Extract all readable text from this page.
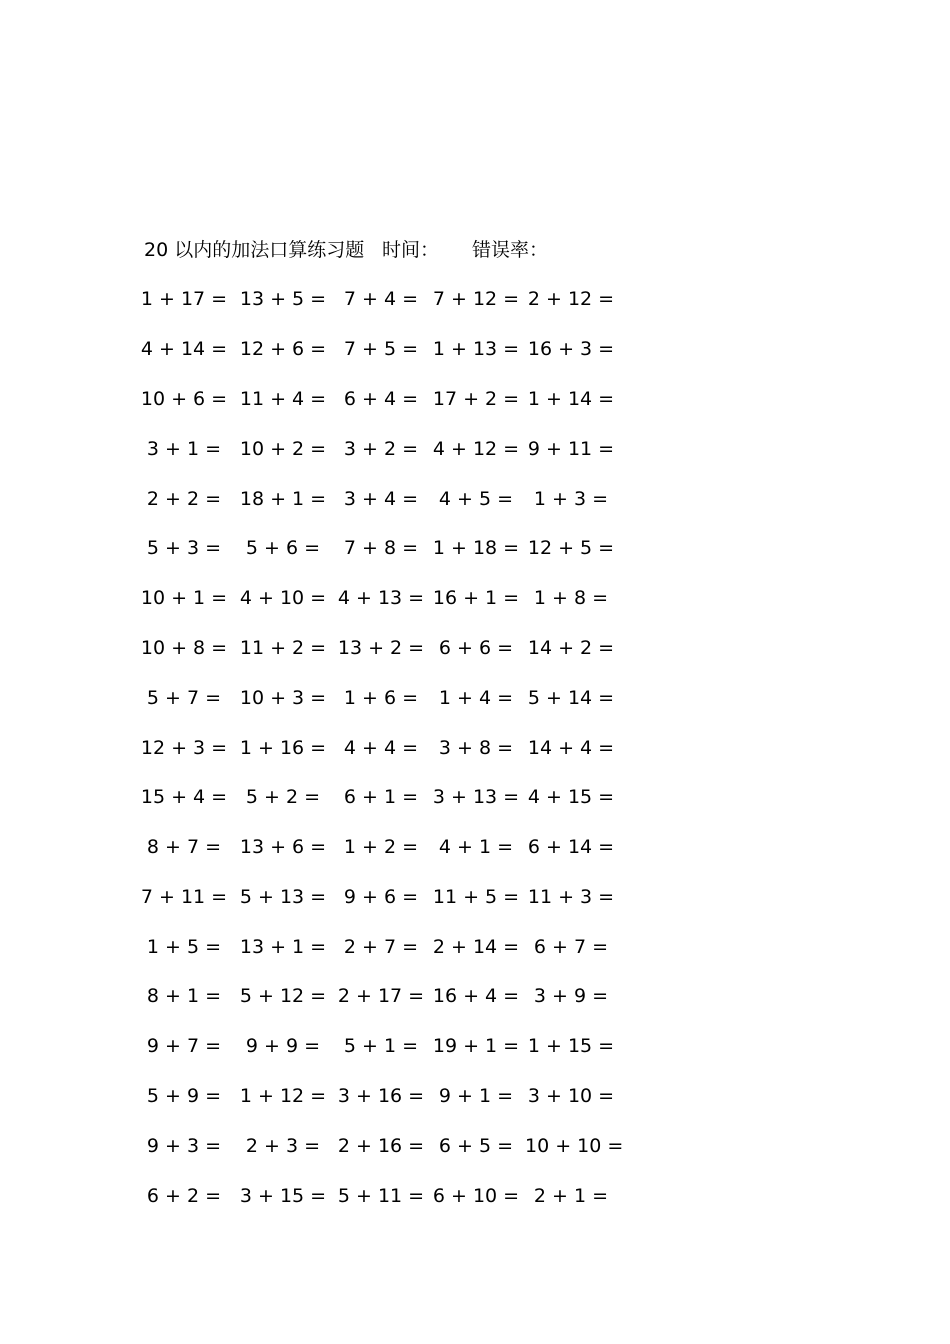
20 以内的加法口算练习题 时间： 错误率：
1 + 17 = 13 + 5 = 7 + 4 = 7 + 12 = 2 + 12 =
4 + 14 = 12 + 6 = 7 + 5 = 1 + 13 = 16 + 3 =
10 + 6 = 11 + 4 = 6 + 4 = 17 + 2 = 1 + 14 =
3 + 1 = 10 + 2 = 3 + 2 = 4 + 12 = 9 + 11 =
2 + 2 = 18 + 1 = 3 + 4 =	4 + 5 =	1 + 3 =
5 + 3 =	5 + 6 =	7 + 8 = 1 + 18 = 12 + 5 =
10 + 1 = 4 + 10 = 4 + 13 = 16 + 1 = 1 + 8 =
10 + 8 = 11 + 2 = 13 + 2 = 6 + 6 = 14 + 2 =
5 + 7 = 10 + 3 = 1 + 6 =	1 + 4 = 5 + 14 =
12 + 3 = 1 + 16 = 4 + 4 =	3 + 8 = 14 + 4 =
15 + 4 = 5 + 2 =	6 + 1 = 3 + 13 = 4 + 15 =
8 + 7 = 13 + 6 = 1 + 2 =	4 + 1 = 6 + 14 =
7 + 11 = 5 + 13 = 9 + 6 = 11 + 5 = 11 + 3 =
1 + 5 = 13 + 1 = 2 + 7 = 2 + 14 = 6 + 7 =
8 + 1 = 5 + 12 = 2 + 17 = 16 + 4 = 3 + 9 =
9 + 7 =	9 + 9 =	5 + 1 = 19 + 1 = 1 + 15 =
5 + 9 = 1 + 12 = 3 + 16 = 9 + 1 = 3 + 10 =
9 + 3 =	2 + 3 = 2 + 16 = 6 + 5 = 10 + 10 =
6 + 2 = 3 + 15 = 5 + 11 = 6 + 10 = 2 + 1 =
